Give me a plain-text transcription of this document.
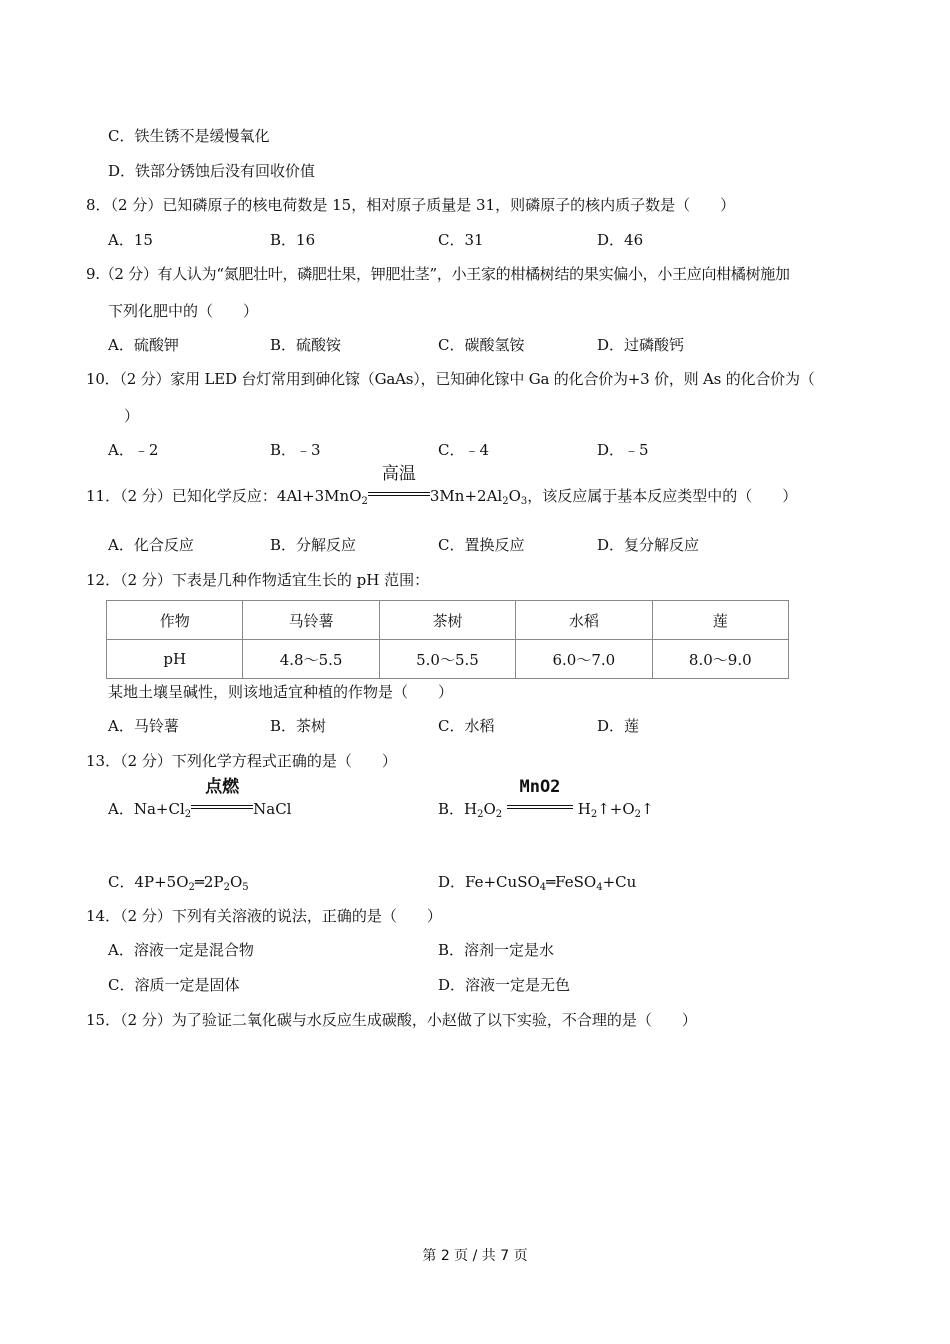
C．铁生锈不是缓慢氧化
D．铁部分锈蚀后没有回收价值
8．（2 分）已知磷原子的核电荷数是 15，相对原子质量是 31，则磷原子的核内质子数是（　　）
A．15	B．16	C．31	D．46
9.（2 分）有人认为“氮肥壮叶，磷肥壮果，钾肥壮茎”，小王家的柑橘树结的果实偏小，小王应向柑橘树施加
下列化肥中的（　　）
A．硫酸钾	B．硫酸铵	C．碳酸氢铵	D．过磷酸钙
10．（2 分）家用 LED 台灯常用到砷化镓（GaAs），已知砷化镓中 Ga 的化合价为+3 价，则 As 的化合价为（
）
A．﹣2	B．﹣3	C．﹣4	D．﹣5
11．（2 分）已知化学反应：4Al+3MnO$_2$
高温
$3Mn+2Al_2O_3$，该反应属于基本反应类型中的（　　）
A．化合反应	B．分解反应	C．置换反应	D．复分解反应
12．（2 分）下表是几种作物适宜生长的 pH 范围：
作物	马铃薯	茶树	水稻	莲
pH	4.8～5.5	5.0～5.5	6.0～7.0	8.0～9.0
某地土壤呈碱性，则该地适宜种植的作物是（　　）
A．马铃薯	B．茶树	C．水稻	D．莲
13．（2 分）下列化学方程式正确的是（　　）
A．$Na+Cl_2$
点燃
NaCl	B．$H_2O_2$
MnO2
$H_2↑+O_2↑$
C．$4P+5O_2═2P_2O_5$	D．Fe+CuSO$_4$═FeSO$_4$+Cu
14．（2 分）下列有关溶液的说法，正确的是（　　）
A．溶液一定是混合物	B．溶剂一定是水
C．溶质一定是固体	D．溶液一定是无色
15．（2 分）为了验证二氧化碳与水反应生成碳酸，小赵做了以下实验，不合理的是（　　）
第 2 页 / 共 7 页
